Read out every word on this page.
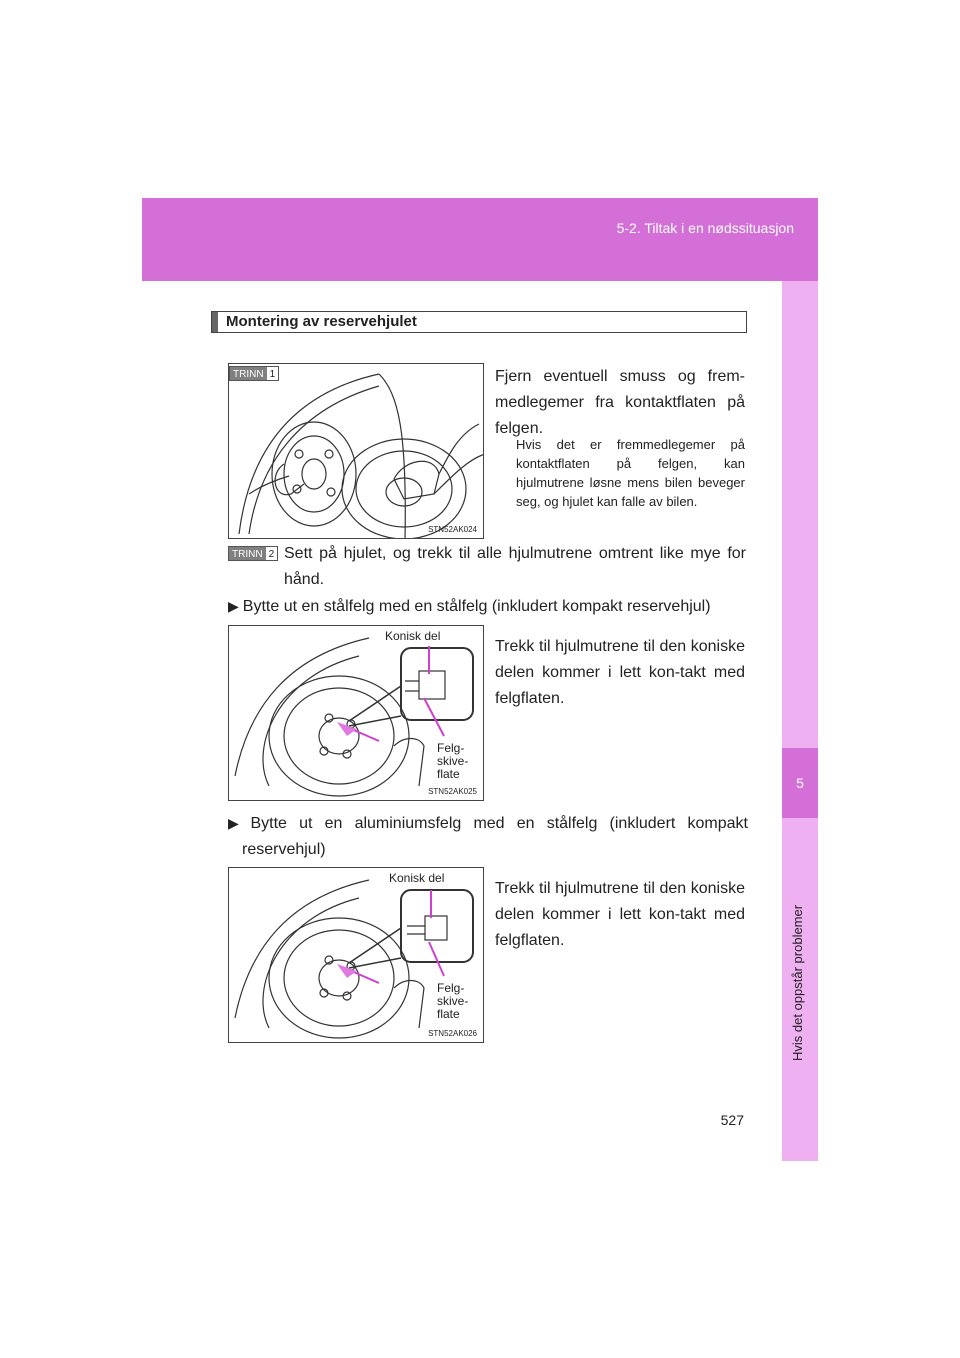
5-2. Tiltak i en nødssituasjon
5
Hvis det oppstår problemer
Montering av reservehjulet
TRINN 1
STN52AK024
Fjern eventuell smuss og frem-medlegemer fra kontaktflaten på felgen.
Hvis det er fremmedlegemer på kontaktflaten på felgen, kan hjulmutrene løsne mens bilen beveger seg, og hjulet kan falle av bilen.
TRINN 2 Sett på hjulet, og trekk til alle hjulmutrene omtrent like mye for hånd.
▶ Bytte ut en stålfelg med en stålfelg (inkludert kompakt reservehjul)
Konisk del
Felg-
skive-
flate
STN52AK025
Trekk til hjulmutrene til den koniske delen kommer i lett kon-takt med felgflaten.
▶ Bytte ut en aluminiumsfelg med en stålfelg (inkludert kompakt reservehjul)
Konisk del
Felg-
skive-
flate
STN52AK026
Trekk til hjulmutrene til den koniske delen kommer i lett kon-takt med felgflaten.
527
